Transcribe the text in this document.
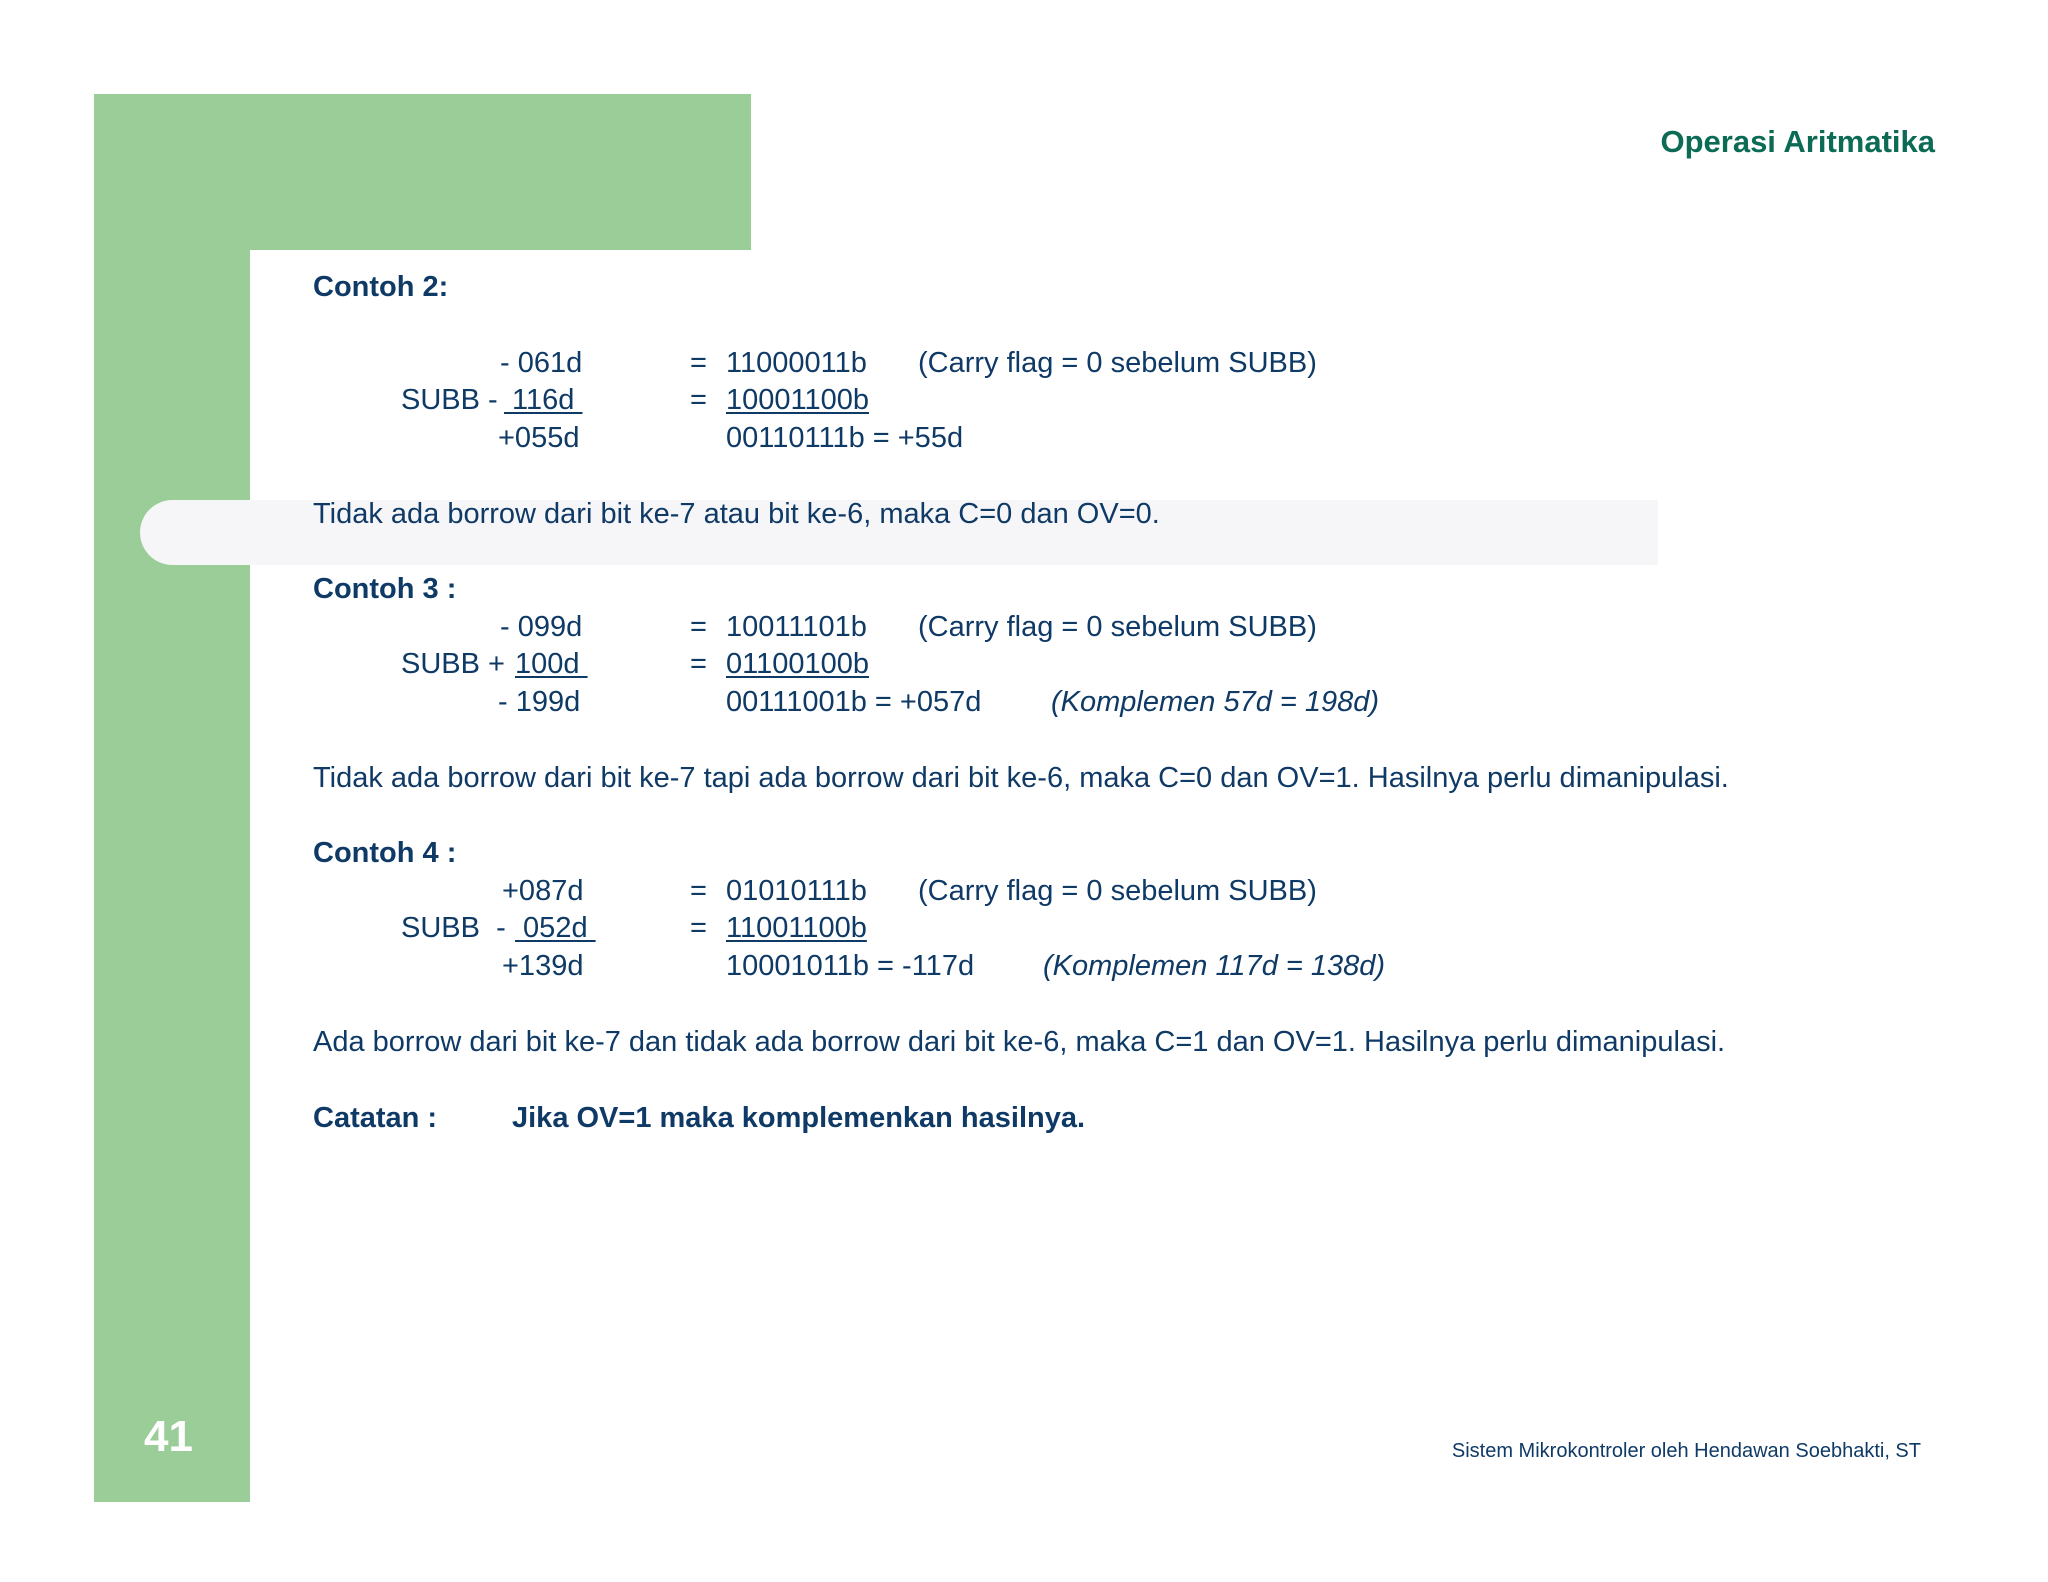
Operasi Aritmatika
Contoh 2:
- 061d	= 11000011b (Carry flag = 0 sebelum SUBB)
SUBB - 116d	= 10001100b
+055d	00110111b = +55d
Tidak ada borrow dari bit ke-7 atau bit ke-6, maka C=0 dan OV=0.
Contoh 3 :
- 099d	= 10011101b (Carry flag = 0 sebelum SUBB)
SUBB + 100d	= 01100100b
- 199d	00111001b = +057d (Komplemen 57d = 198d)
Tidak ada borrow dari bit ke-7 tapi ada borrow dari bit ke-6, maka C=0 dan OV=1. Hasilnya perlu dimanipulasi.
Contoh 4 :
+087d	= 01010111b (Carry flag = 0 sebelum SUBB)
SUBB  - 052d	= 11001100b
+139d	10001011b = -117d (Komplemen 117d = 138d)
Ada borrow dari bit ke-7 dan tidak ada borrow dari bit ke-6, maka C=1 dan OV=1. Hasilnya perlu dimanipulasi.
Catatan :	Jika OV=1 maka komplemenkan hasilnya.
41	Sistem Mikrokontroler oleh Hendawan Soebhakti, ST
